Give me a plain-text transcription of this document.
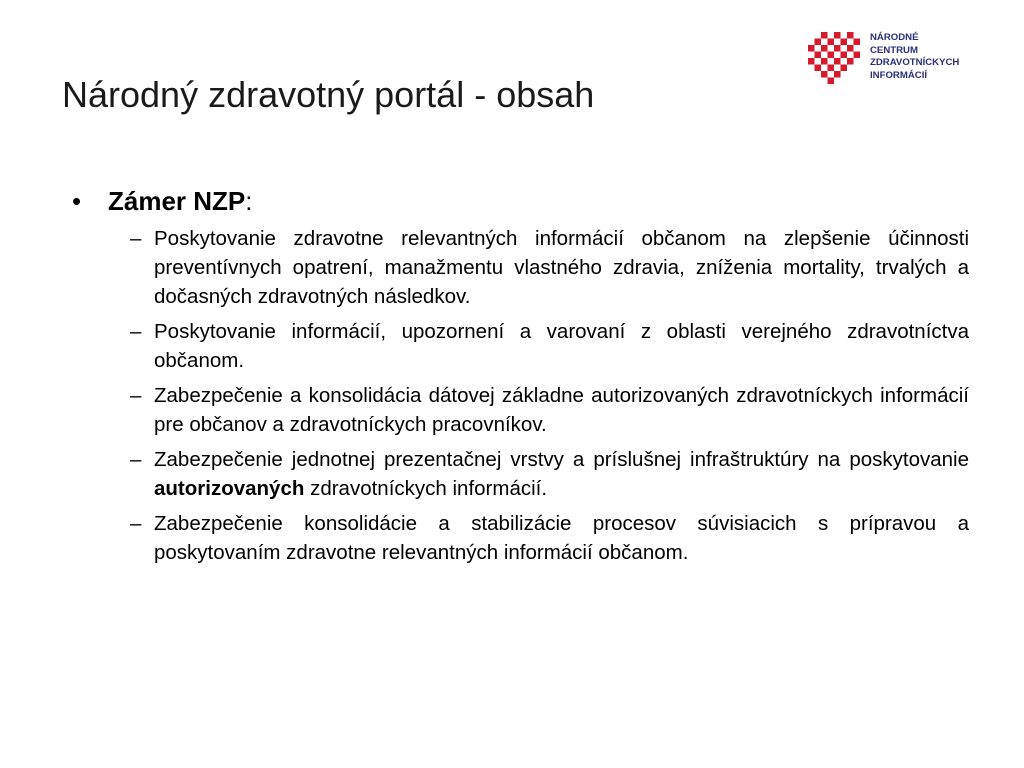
Národný zdravotný portál - obsah
NÁRODNÉ
CENTRUM
ZDRAVOTNÍCKYCH
INFORMÁCIÍ
• Zámer NZP:
– Poskytovanie zdravotne relevantných informácií občanom na zlepšenie účinnosti preventívnych opatrení, manažmentu vlastného zdravia, zníženia mortality, trvalých a dočasných zdravotných následkov.
– Poskytovanie informácií, upozornení a varovaní z oblasti verejného zdravotníctva občanom.
– Zabezpečenie a konsolidácia dátovej základne autorizovaných zdravotníckych informácií pre občanov a zdravotníckych pracovníkov.
– Zabezpečenie jednotnej prezentačnej vrstvy a príslušnej infraštruktúry na poskytovanie autorizovaných zdravotníckych informácií.
– Zabezpečenie konsolidácie a stabilizácie procesov súvisiacich s prípravou a poskytovaním zdravotne relevantných informácií občanom.
